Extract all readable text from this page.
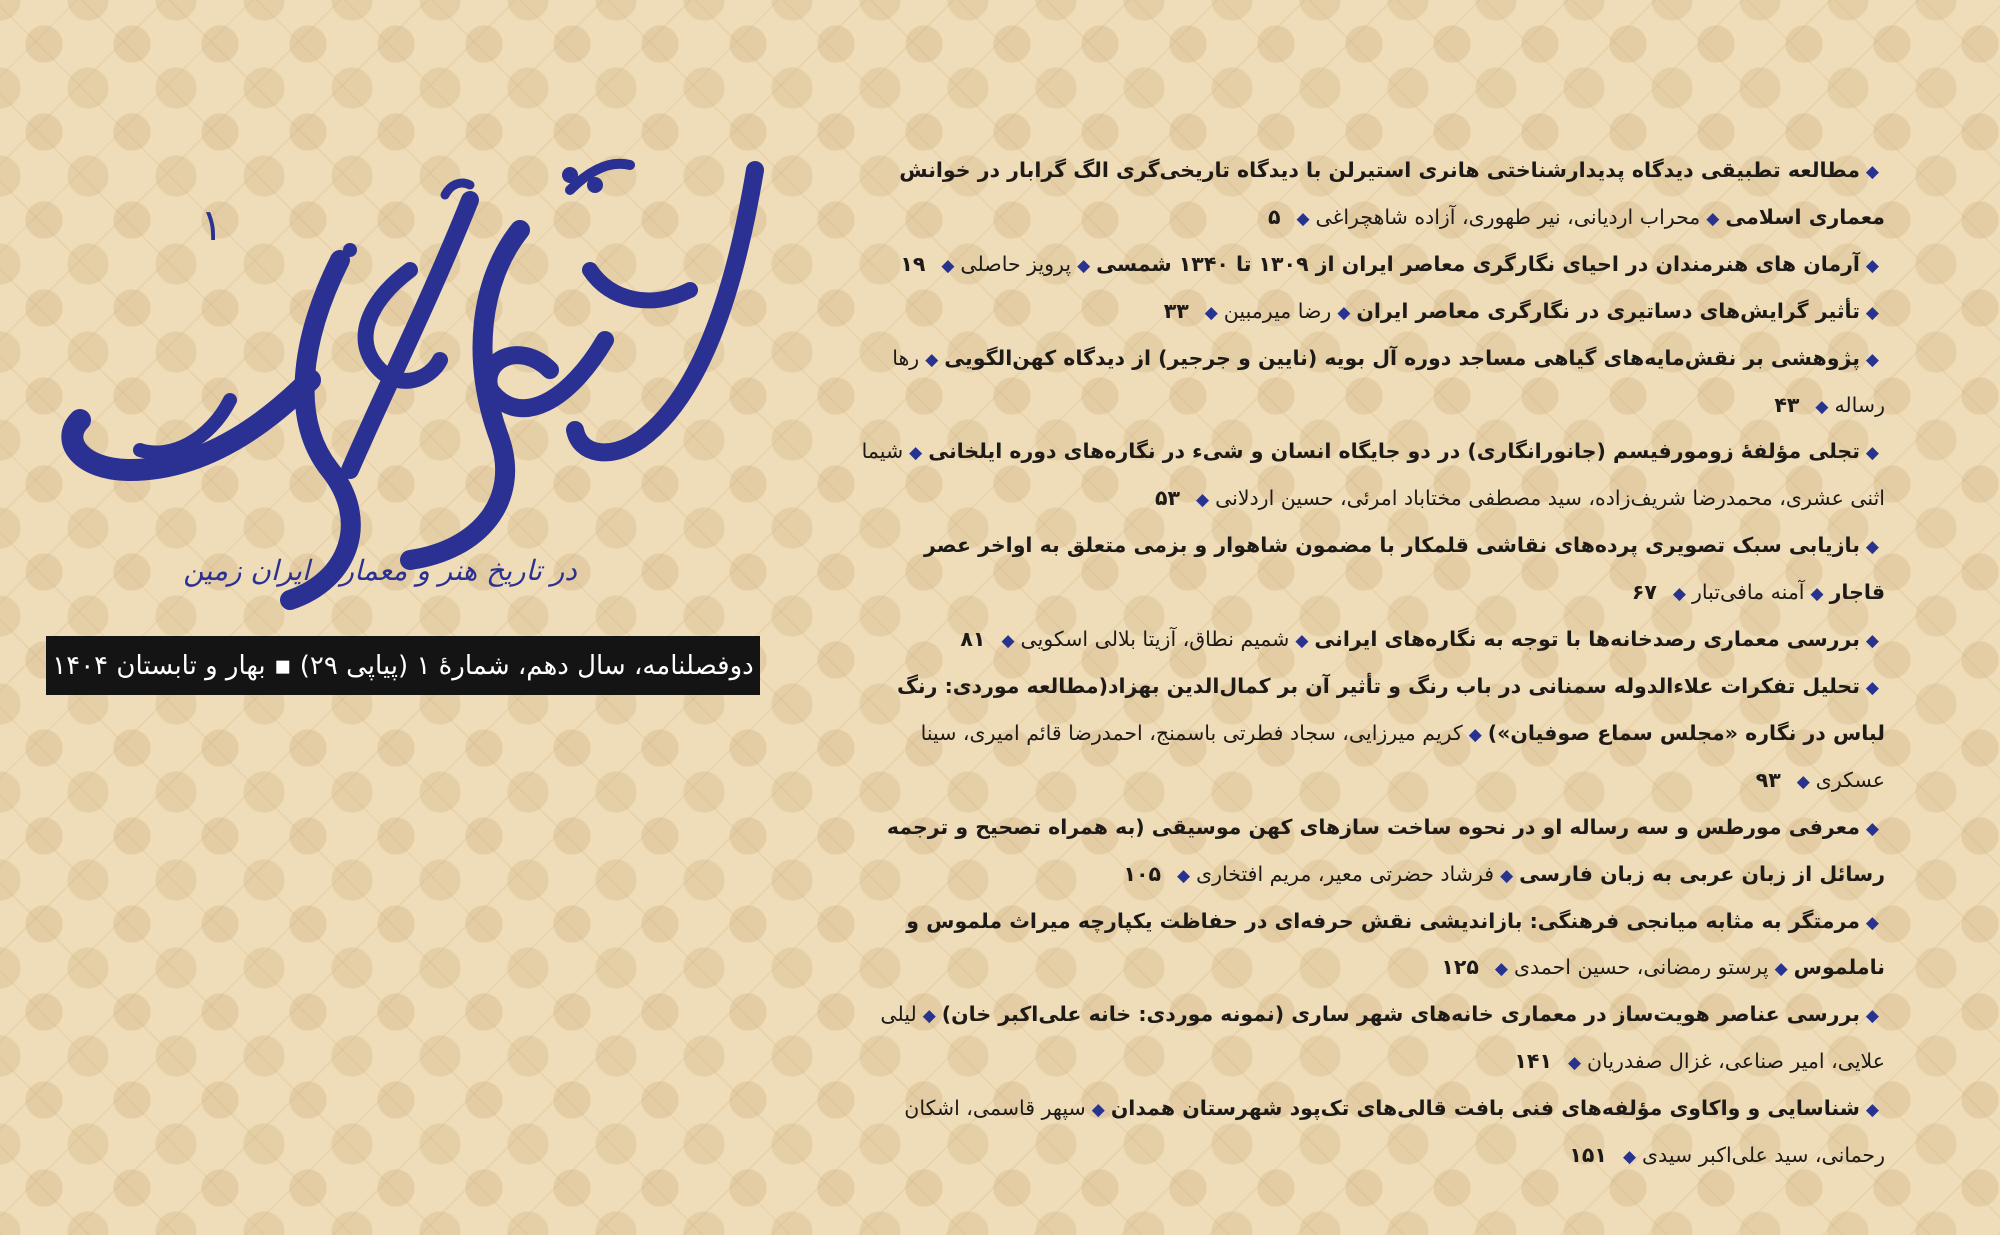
۱
در تاریخ هنر و معماری ایران زمین
دوفصلنامه، سال دهم، شمارۀ ۱ (پیاپی ۲۹) ▪ بهار و تابستان ۱۴۰۴
◆مطالعه تطبیقی دیدگاه پدیدارشناختی هانری استیرلن با دیدگاه تاریخی‌گری الگ گرابار در خوانش معماری اسلامی◆محراب اردیانی، نیر طهوری، آزاده شاهچراغی◆۵
◆آرمان های هنرمندان در احیای نگارگری معاصر ایران از ۱۳۰۹ تا ۱۳۴۰ شمسی◆پرویز حاصلی◆۱۹
◆تأثیر گرایش‌های دساتیری در نگارگری معاصر ایران◆رضا میرمبین◆۳۳
◆پژوهشی بر نقش‌مایه‌های گیاهی مساجد دوره آل بویه (نایین و جرجیر) از دیدگاه کهن‌الگویی◆رها رساله◆۴۳
◆تجلی مؤلفۀ زومورفیسم (جانورانگاری) در دو جایگاه انسان و شیء در نگاره‌های دوره ایلخانی◆شیما اثنی عشری، محمدرضا شریف‌زاده، سید مصطفی مختاباد امرئی، حسین اردلانی◆۵۳
◆بازیابی سبک تصویری پرده‌های نقاشی قلمکار با مضمون شاهوار و بزمی متعلق به اواخر عصر قاجار◆آمنه مافی‌تبار◆۶۷
◆بررسی معماری رصدخانه‌ها با توجه به نگاره‌های ایرانی◆شمیم نطاق، آزیتا بلالی اسکویی◆۸۱
◆تحلیل تفکرات علاءالدوله سمنانی در باب رنگ و تأثیر آن بر کمال‌الدین بهزاد(مطالعه موردی: رنگ لباس در نگاره «مجلس سماع صوفیان»)◆کریم میرزایی، سجاد فطرتی باسمنج، احمدرضا قائم امیری، سینا عسکری◆۹۳
◆معرفی مورطس و سه رساله او در نحوه ساخت سازهای کهن موسیقی (به همراه تصحیح و ترجمه رسائل از زبان عربی به زبان فارسی◆فرشاد حضرتی معیر، مریم افتخاری◆۱۰۵
◆مرمتگر به مثابه میانجی فرهنگی: بازاندیشی نقش حرفه‌ای در حفاظت یکپارچه میراث ملموس و ناملموس◆پرستو رمضانی، حسین احمدی◆۱۲۵
◆بررسی عناصر هویت‌ساز در معماری خانه‌های شهر ساری (نمونه موردی: خانه علی‌اکبر خان)◆لیلی علایی، امیر صناعی، غزال صفدریان◆۱۴۱
◆شناسایی و واکاوی مؤلفه‌های فنی بافت قالی‌های تک‌پود شهرستان همدان◆سپهر قاسمی، اشکان رحمانی، سید علی‌اکبر سیدی◆۱۵۱
